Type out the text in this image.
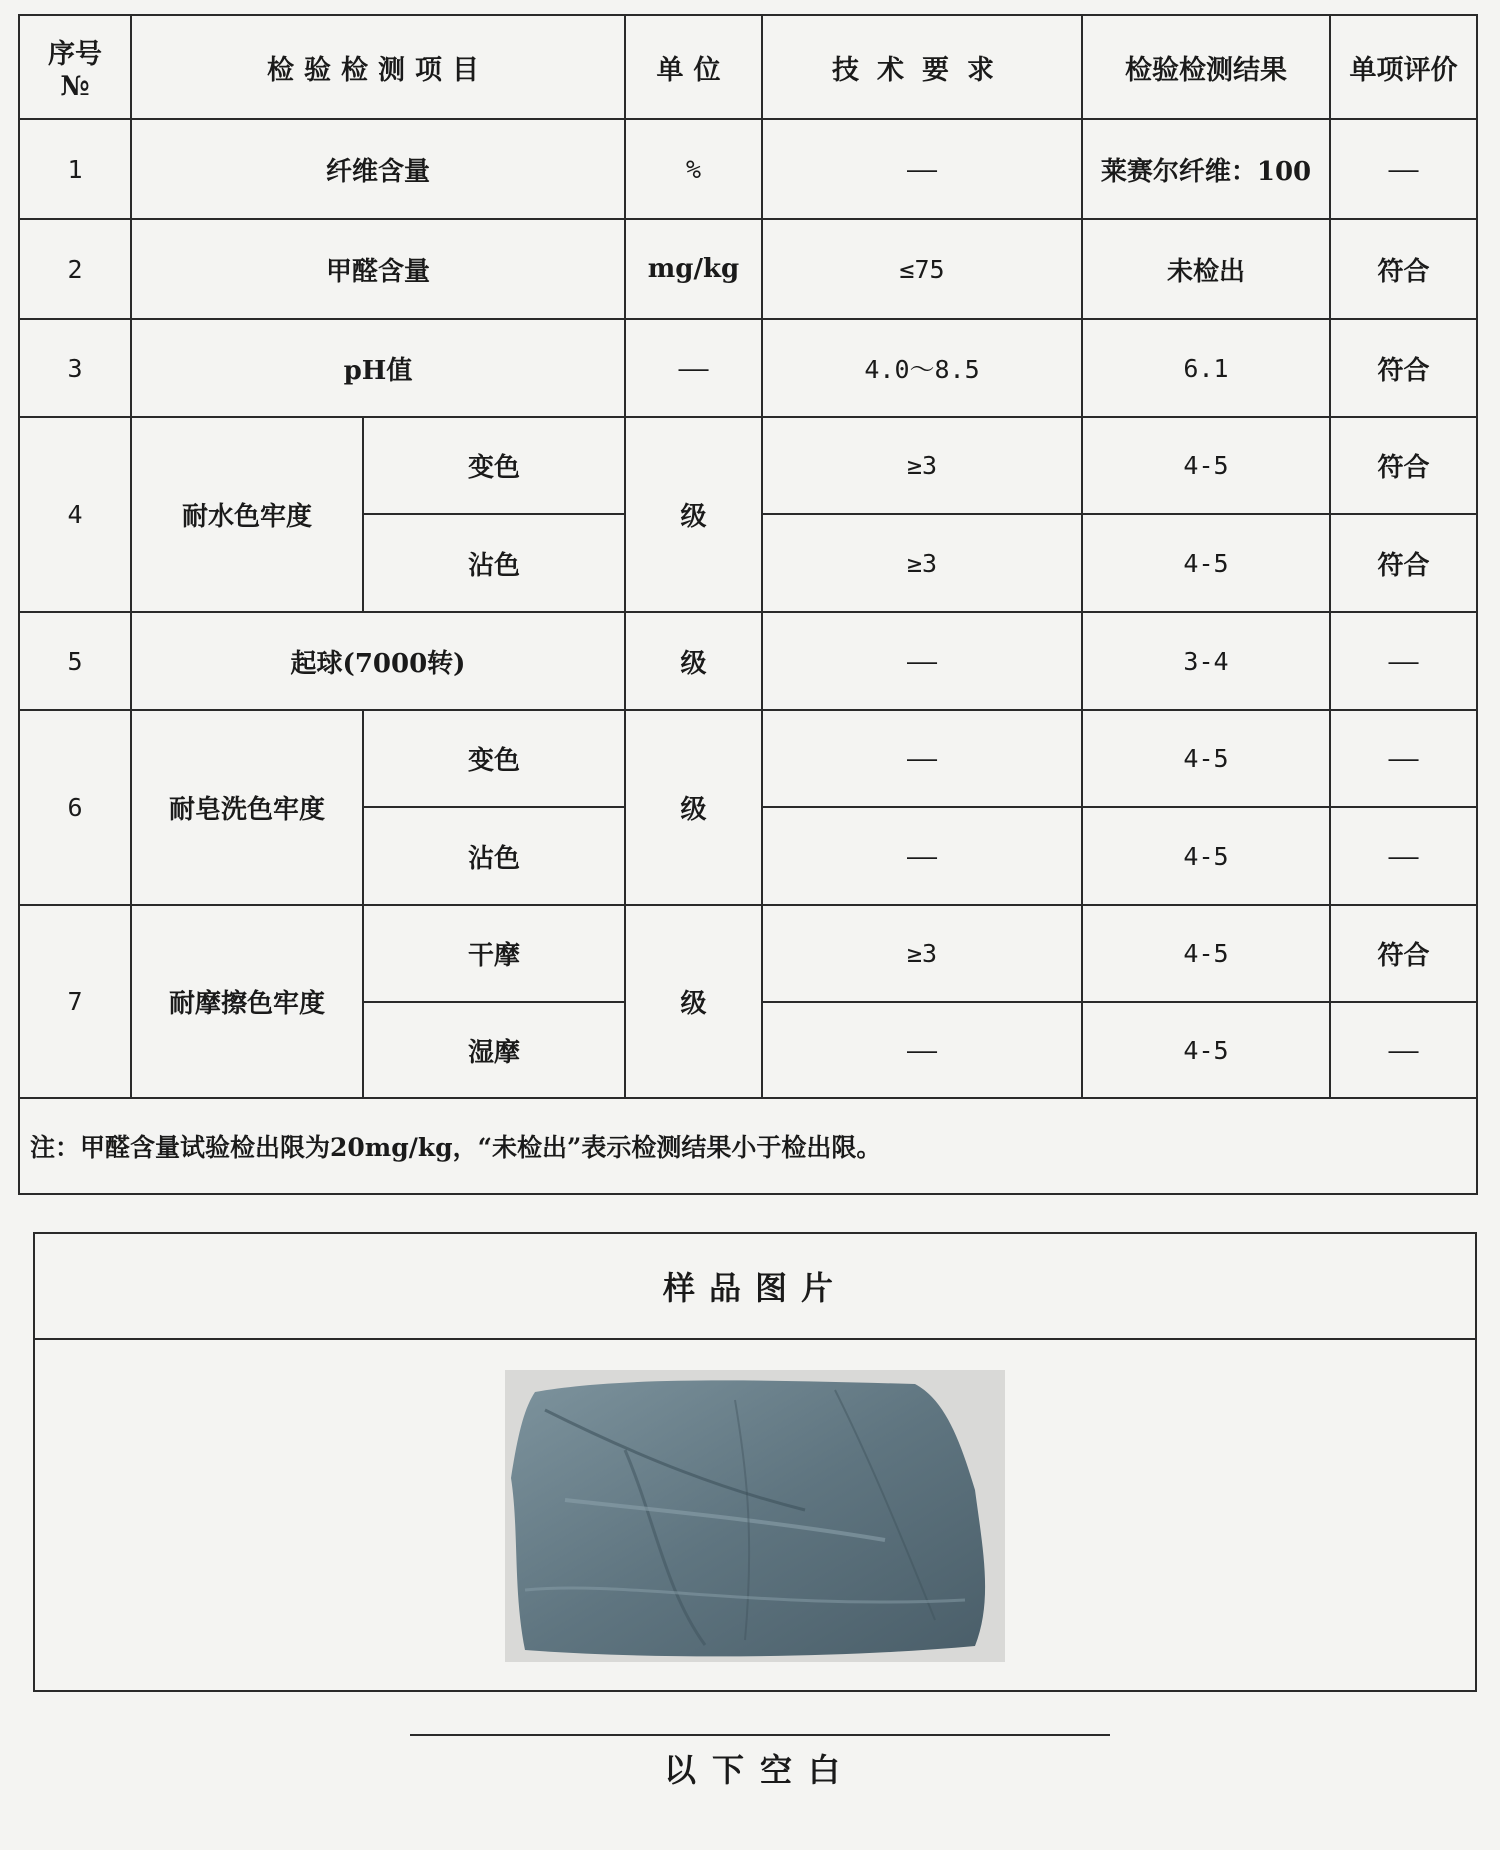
序号
№	检验检测项目		单位	技术要求	检验检测结果	单项评价
1	纤维含量		%	——	莱赛尔纤维：100	——
2	甲醛含量		mg/kg	≤75	未检出	符合
3	pH值		——	4.0～8.5	6.1	符合
4	耐水色牢度	变色	级	≥3	4-5	符合
		沾色		≥3	4-5	符合
5	起球(7000转)		级	——	3-4	——
6	耐皂洗色牢度	变色	级	——	4-5	——
		沾色		——	4-5	——
7	耐摩擦色牢度	干摩	级	≥3	4-5	符合
		湿摩		——	4-5	——
注：甲醛含量试验检出限为20mg/kg，“未检出”表示检测结果小于检出限。						
样品图片
以下空白
